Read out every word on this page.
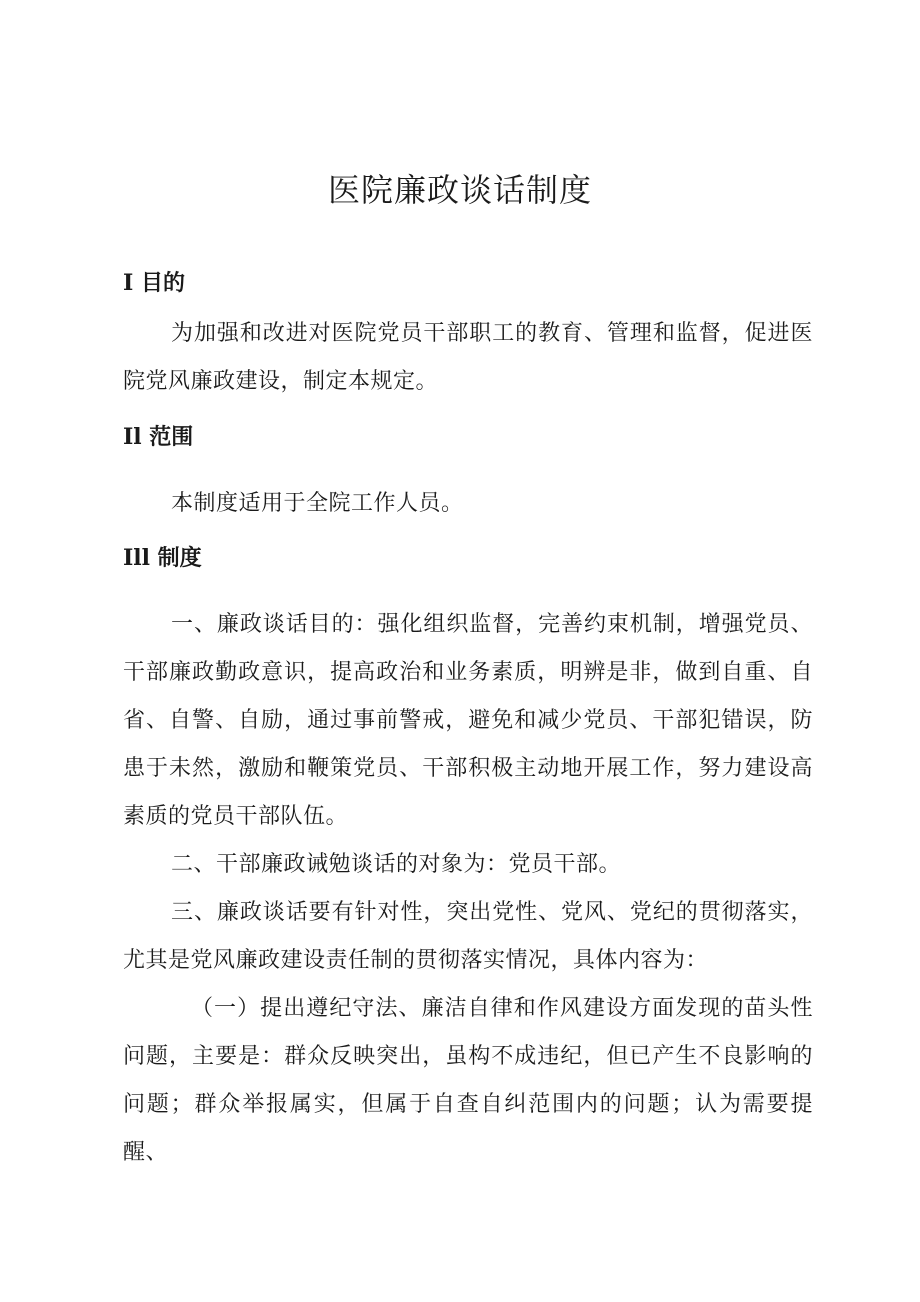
医院廉政谈话制度
I 目的

为加强和改进对医院党员干部职工的教育、管理和监督，促进医院党风廉政建设，制定本规定。

Il 范围

本制度适用于全院工作人员。

Ill 制度

一、廉政谈话目的：强化组织监督，完善约束机制，增强党员、干部廉政勤政意识，提高政治和业务素质，明辨是非，做到自重、自省、自警、自励，通过事前警戒，避免和减少党员、干部犯错误，防患于未然，激励和鞭策党员、干部积极主动地开展工作，努力建设高素质的党员干部队伍。

二、干部廉政诫勉谈话的对象为：党员干部。

三、廉政谈话要有针对性，突出党性、党风、党纪的贯彻落实，尤其是党风廉政建设责任制的贯彻落实情况，具体内容为：

（一）提出遵纪守法、廉洁自律和作风建设方面发现的苗头性问题，主要是：群众反映突出，虽构不成违纪，但已产生不良影响的问题；群众举报属实，但属于自查自纠范围内的问题；认为需要提醒、
